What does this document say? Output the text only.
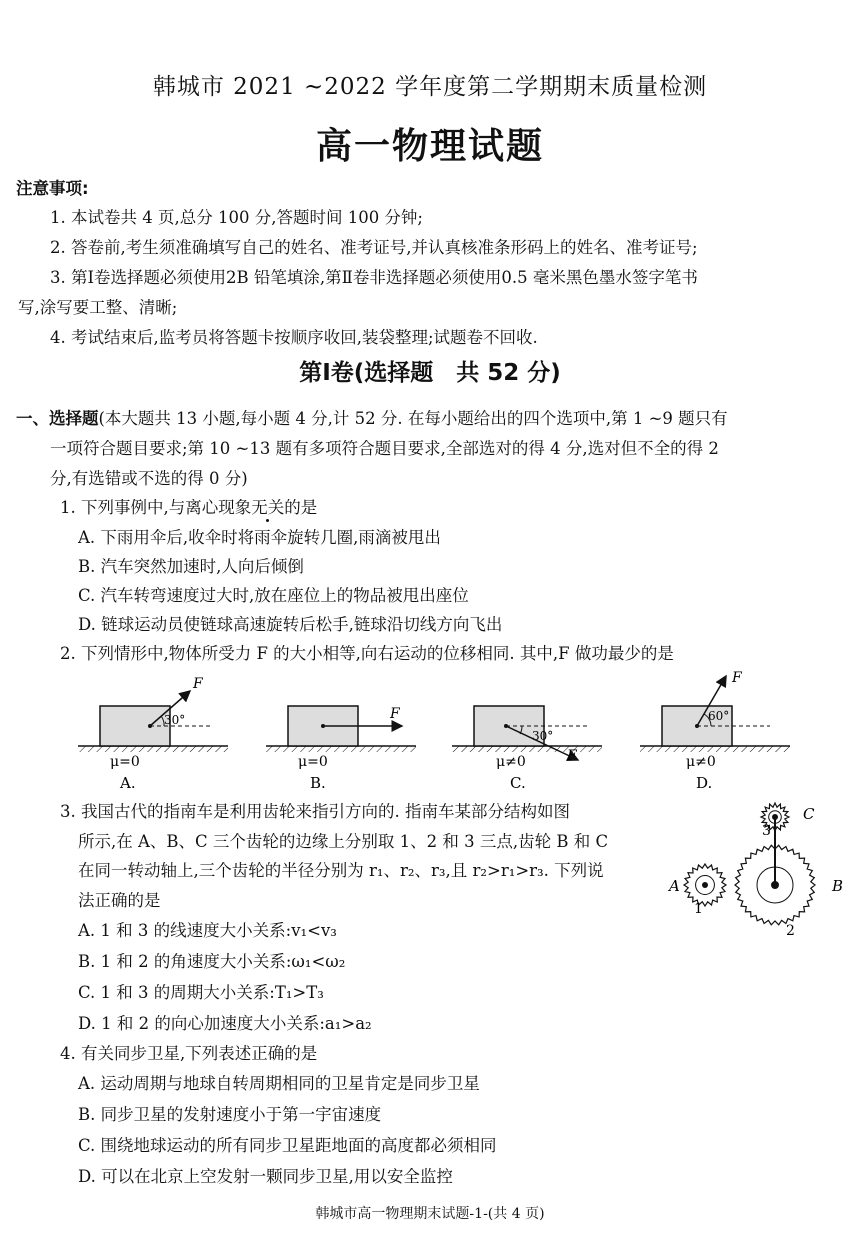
韩城市 2021 ~2022 学年度第二学期期末质量检测
高一物理试题
注意事项:
1. 本试卷共 4 页,总分 100 分,答题时间 100 分钟;
2. 答卷前,考生须准确填写自己的姓名、准考证号,并认真核准条形码上的姓名、准考证号;
3. 第Ⅰ卷选择题必须使用2B 铅笔填涂,第Ⅱ卷非选择题必须使用0.5 毫米黑色墨水签字笔书
写,涂写要工整、清晰;
4. 考试结束后,监考员将答题卡按顺序收回,装袋整理;试题卷不回收.
第Ⅰ卷(选择题　共 52 分)
一、选择题(本大题共 13 小题,每小题 4 分,计 52 分. 在每小题给出的四个选项中,第 1 ~9 题只有
一项符合题目要求;第 10 ~13 题有多项符合题目要求,全部选对的得 4 分,选对但不全的得 2
分,有选错或不选的得 0 分)
1. 下列事例中,与离心现象无关的是
A. 下雨用伞后,收伞时将雨伞旋转几圈,雨滴被甩出
B. 汽车突然加速时,人向后倾倒
C. 汽车转弯速度过大时,放在座位上的物品被甩出座位
D. 链球运动员使链球高速旋转后松手,链球沿切线方向飞出
2. 下列情形中,物体所受力 F 的大小相等,向右运动的位移相同. 其中,F 做功最少的是
F
30°
μ=0
A.
F
μ=0
B.
30°
F
μ≠0
C.
F
60°
μ≠0
D.
3. 我国古代的指南车是利用齿轮来指引方向的. 指南车某部分结构如图
所示,在 A、B、C 三个齿轮的边缘上分别取 1、2 和 3 三点,齿轮 B 和 C
在同一转动轴上,三个齿轮的半径分别为 r₁、r₂、r₃,且 r₂>r₁>r₃. 下列说
法正确的是
A. 1 和 3 的线速度大小关系:v₁<v₃
B. 1 和 2 的角速度大小关系:ω₁<ω₂
C. 1 和 3 的周期大小关系:T₁>T₃
D. 1 和 2 的向心加速度大小关系:a₁>a₂
C
3
A
1
B
2
4. 有关同步卫星,下列表述正确的是
A. 运动周期与地球自转周期相同的卫星肯定是同步卫星
B. 同步卫星的发射速度小于第一宇宙速度
C. 围绕地球运动的所有同步卫星距地面的高度都必须相同
D. 可以在北京上空发射一颗同步卫星,用以安全监控
韩城市高一物理期末试题-1-(共 4 页)
